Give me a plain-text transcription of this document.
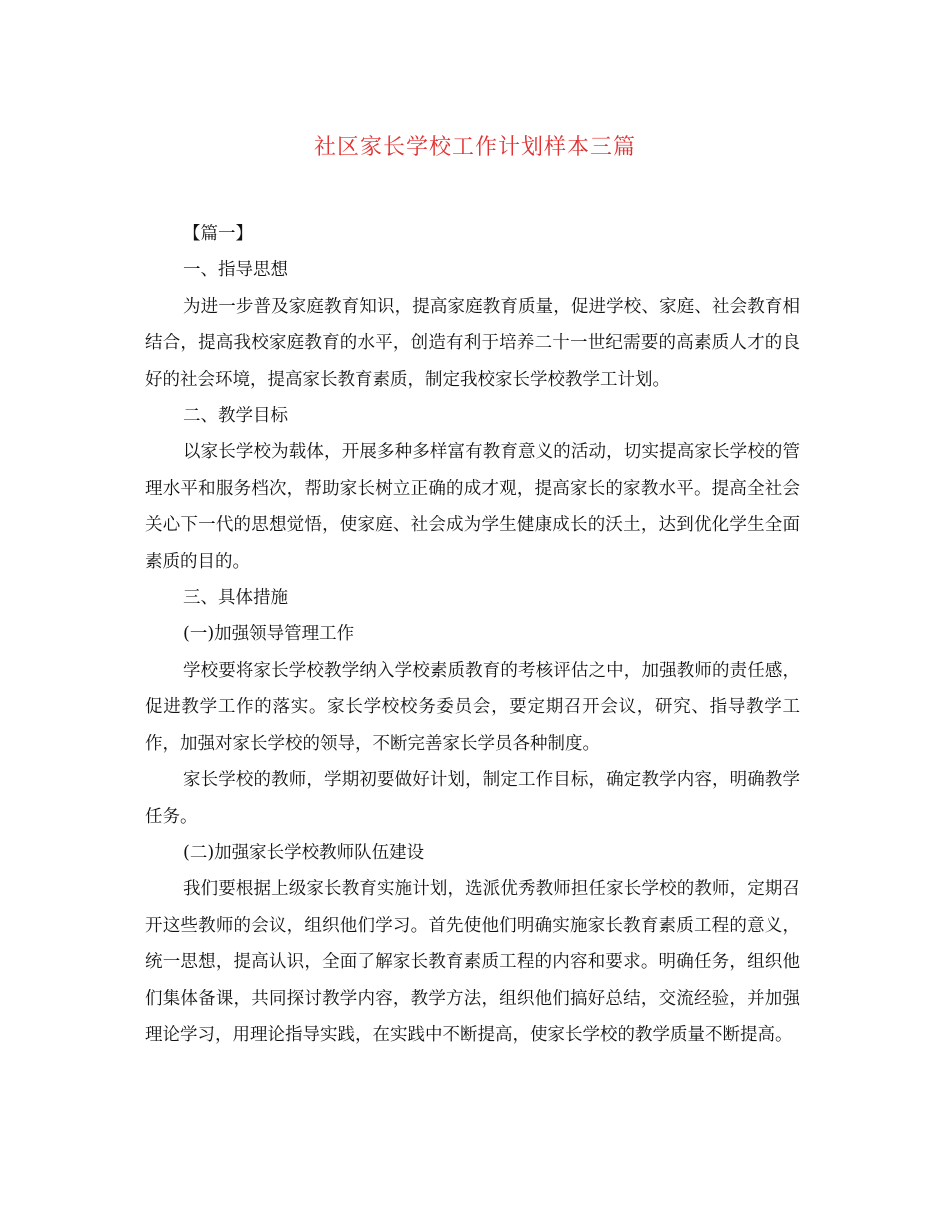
社区家长学校工作计划样本三篇
【篇一】

一、指导思想

为进一步普及家庭教育知识，提高家庭教育质量，促进学校、家庭、社会教育相结合，提高我校家庭教育的水平，创造有利于培养二十一世纪需要的高素质人才的良好的社会环境，提高家长教育素质，制定我校家长学校教学工计划。

二、教学目标

以家长学校为载体，开展多种多样富有教育意义的活动，切实提高家长学校的管理水平和服务档次，帮助家长树立正确的成才观，提高家长的家教水平。提高全社会关心下一代的思想觉悟，使家庭、社会成为学生健康成长的沃土，达到优化学生全面素质的目的。

三、具体措施

(一)加强领导管理工作

学校要将家长学校教学纳入学校素质教育的考核评估之中，加强教师的责任感，促进教学工作的落实。家长学校校务委员会，要定期召开会议，研究、指导教学工作，加强对家长学校的领导，不断完善家长学员各种制度。

家长学校的教师，学期初要做好计划，制定工作目标，确定教学内容，明确教学任务。

(二)加强家长学校教师队伍建设

我们要根据上级家长教育实施计划，选派优秀教师担任家长学校的教师，定期召开这些教师的会议，组织他们学习。首先使他们明确实施家长教育素质工程的意义，统一思想，提高认识，全面了解家长教育素质工程的内容和要求。明确任务，组织他们集体备课，共同探讨教学内容，教学方法，组织他们搞好总结，交流经验，并加强理论学习，用理论指导实践，在实践中不断提高，使家长学校的教学质量不断提高。
